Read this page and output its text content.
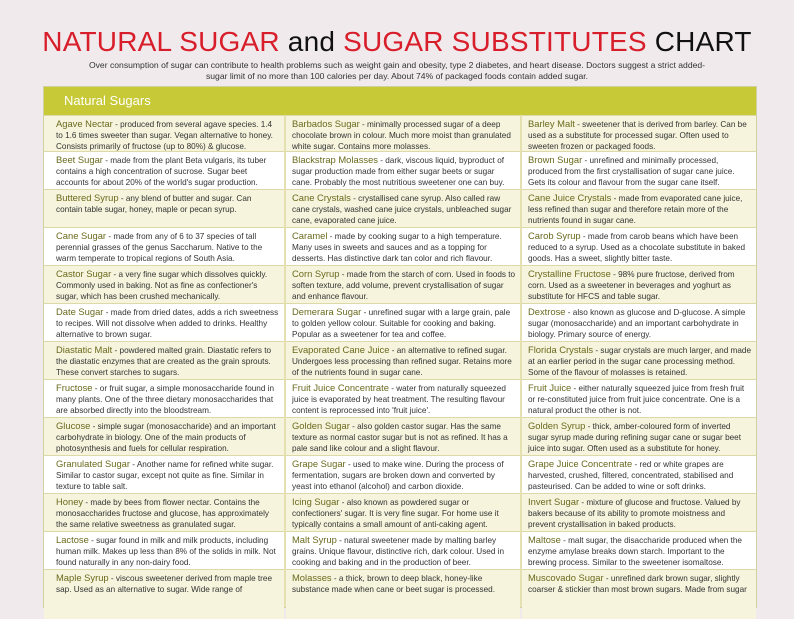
NATURAL SUGAR and SUGAR SUBSTITUTES CHART
Over consumption of sugar can contribute to health problems such as weight gain and obesity, type 2 diabetes, and heart disease. Doctors suggest a strict added-sugar limit of no more than 100 calories per day. About 74% of packaged foods contain added sugar.
Natural Sugars
Agave Nectar - produced from several agave species. 1.4 to 1.6 times sweeter than sugar. Vegan alternative to honey. Consists primarily of fructose (up to 80%) & glucose.
Beet Sugar - made from the plant Beta vulgaris, its tuber contains a high concentration of sucrose. Sugar beet accounts for about 20% of the world's sugar production.
Buttered Syrup - any blend of butter and sugar. Can contain table sugar, honey, maple or pecan syrup.
Cane Sugar - made from any of 6 to 37 species of tall perennial grasses of the genus Saccharum. Native to the warm temperate to tropical regions of South Asia.
Castor Sugar - a very fine sugar which dissolves quickly. Commonly used in baking. Not as fine as confectioner's sugar, which has been crushed mechanically.
Date Sugar - made from dried dates, adds a rich sweetness to recipes. Will not dissolve when added to drinks. Healthy alternative to brown sugar.
Diastatic Malt - powdered malted grain. Diastatic refers to the diastatic enzymes that are created as the grain sprouts. These convert starches to sugars.
Fructose - or fruit sugar, a simple monosaccharide found in many plants. One of the three dietary monosaccharides that are absorbed directly into the bloodstream.
Glucose - simple sugar (monosaccharide) and an important carbohydrate in biology. One of the main products of photosynthesis and fuels for cellular respiration.
Granulated Sugar - Another name for refined white sugar. Similar to castor sugar, except not quite as fine. Similar in texture to table salt.
Honey - made by bees from flower nectar. Contains the monosaccharides fructose and glucose, has approximately the same relative sweetness as granulated sugar.
Lactose - sugar found in milk and milk products, including human milk. Makes up less than 8% of the solids in milk. Not found naturally in any non-dairy food.
Maple Syrup - viscous sweetener derived from maple tree sap. Used as an alternative to sugar. Wide range of
Barbados Sugar - minimally processed sugar of a deep chocolate brown in colour. Much more moist than granulated white sugar. Contains more molasses.
Blackstrap Molasses - dark, viscous liquid, byproduct of sugar production made from either sugar beets or sugar cane. Probably the most nutritious sweetener one can buy.
Cane Crystals - crystallised cane syrup. Also called raw cane crystals, washed cane juice crystals, unbleached sugar cane, evaporated cane juice.
Caramel - made by cooking sugar to a high temperature. Many uses in sweets and sauces and as a topping for desserts. Has distinctive dark tan color and rich flavour.
Corn Syrup - made from the starch of corn. Used in foods to soften texture, add volume, prevent crystallisation of sugar and enhance flavour.
Demerara Sugar - unrefined sugar with a large grain, pale to golden yellow colour. Suitable for cooking and baking. Popular as a sweetener for tea and coffee.
Evaporated Cane Juice - an alternative to refined sugar. Undergoes less processing than refined sugar. Retains more of the nutrients found in sugar cane.
Fruit Juice Concentrate - water from naturally squeezed juice is evaporated by heat treatment. The resulting flavour content is reprocessed into 'fruit juice'.
Golden Sugar - also golden castor sugar. Has the same texture as normal castor sugar but is not as refined. It has a pale sand like colour and a slight flavour.
Grape Sugar - used to make wine. During the process of fermentation, sugars are broken down and converted by yeast into ethanol (alcohol) and carbon dioxide.
Icing Sugar - also known as powdered sugar or confectioners' sugar. It is very fine sugar. For home use it typically contains a small amount of anti-caking agent.
Malt Syrup - natural sweetener made by malting barley grains. Unique flavour, distinctive rich, dark colour. Used in cooking and baking and in the production of beer.
Molasses - a thick, brown to deep black, honey-like substance made when cane or beet sugar is processed.
Barley Malt - sweetener that is derived from barley. Can be used as a substitute for processed sugar. Often used to sweeten frozen or packaged foods.
Brown Sugar - unrefined and minimally processed, produced from the first crystallisation of sugar cane juice. Gets its colour and flavour from the sugar cane itself.
Cane Juice Crystals - made from evaporated cane juice, less refined than sugar and therefore retain more of the nutrients found in sugar cane.
Carob Syrup - made from carob beans which have been reduced to a syrup. Used as a chocolate substitute in baked goods. Has a sweet, slightly bitter taste.
Crystalline Fructose - 98% pure fructose, derived from corn. Used as a sweetener in beverages and yoghurt as substitute for HFCS and table sugar.
Dextrose - also known as glucose and D-glucose. A simple sugar (monosaccharide) and an important carbohydrate in biology. Primary source of energy.
Florida Crystals - sugar crystals are much larger, and made at an earlier period in the sugar cane processing method. Some of the flavour of molasses is retained.
Fruit Juice - either naturally squeezed juice from fresh fruit or re-constituted juice from fruit juice concentrate. One is a natural product the other is not.
Golden Syrup - thick, amber-coloured form of inverted sugar syrup made during refining sugar cane or sugar beet juice into sugar. Often used as a substitute for honey.
Grape Juice Concentrate - red or white grapes are harvested, crushed, filtered, concentrated, stabilised and pasteurised. Can be added to wine or soft drinks.
Invert Sugar - mixture of glucose and fructose. Valued by bakers because of its ability to promote moistness and prevent crystallisation in baked products.
Maltose - malt sugar, the disaccharide produced when the enzyme amylase breaks down starch. Important to the brewing process. Similar to the sweetener isomaltose.
Muscovado Sugar - unrefined dark brown sugar, slightly coarser & stickier than most brown sugars. Made from sugar
